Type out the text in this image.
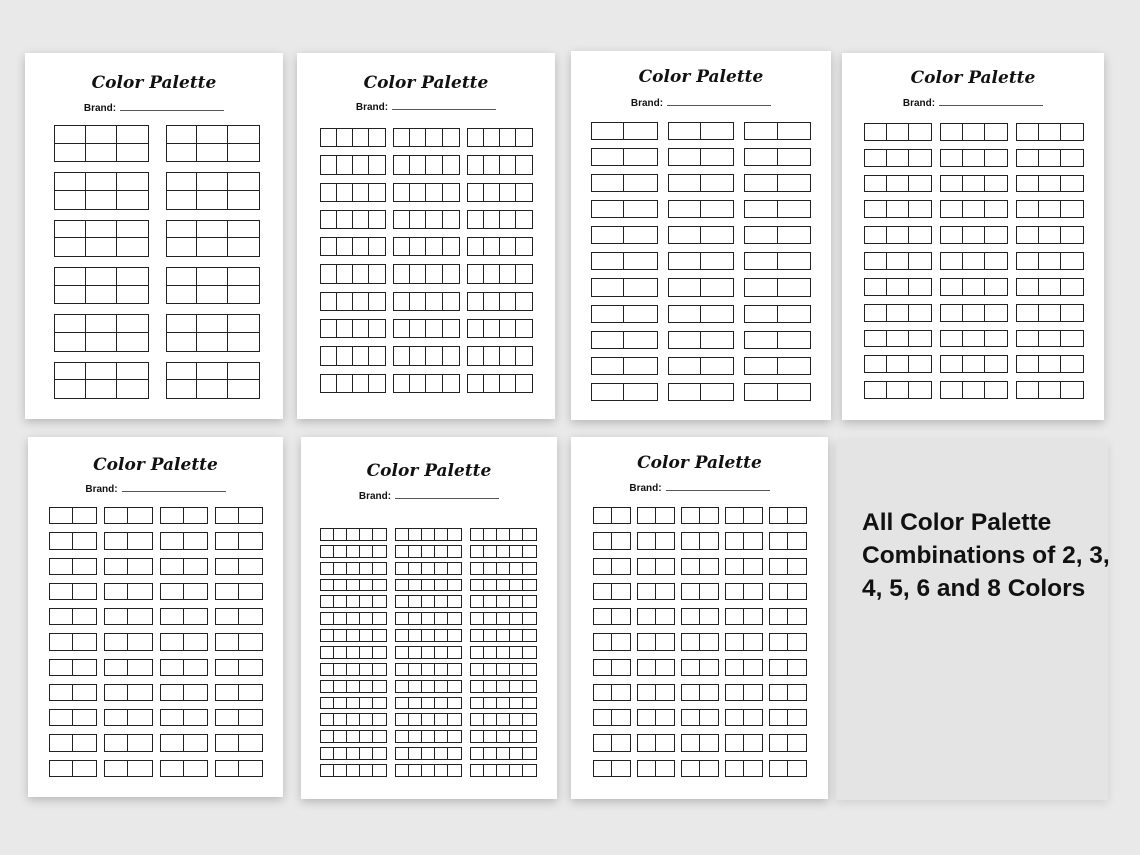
All Color Palette Combinations of 2, 3, 4, 5, 6 and 8 Colors
Color Palette
Brand:
Color Palette
Brand:
Color Palette
Brand:
Color Palette
Brand:
Color Palette
Brand:
Color Palette
Brand:
Color Palette
Brand:
